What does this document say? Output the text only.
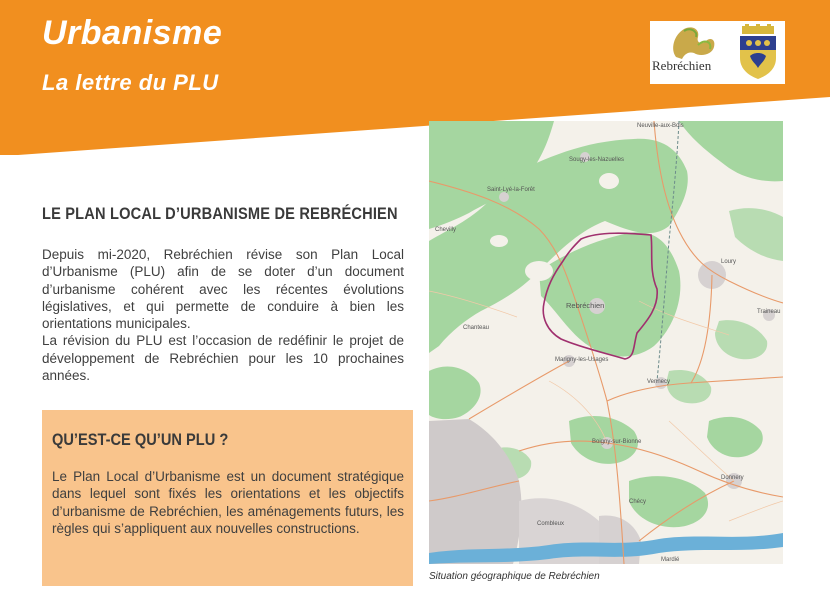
Urbanisme
La lettre du PLU
Rebréchien
LE PLAN LOCAL D’URBANISME DE REBRÉCHIEN

Depuis mi-2020, Rebréchien révise son Plan Local d’Urbanisme (PLU) afin de se doter d’un document d’urbanisme cohérent avec les récentes évolutions législatives, et qui permette de conduire à bien les orientations municipales.

La révision du PLU est l’occasion de redéfinir le projet de développement de Rebréchien pour les 10 prochaines années.

QU’EST-CE QU’UN PLU ?

Le Plan Local d’Urbanisme est un document stratégique dans lequel sont fixés les orientations et les objectifs d’urbanisme de Rebréchien, les aménagements futurs, les règles qui s’appliquent aux nouvelles constructions.

Neuville-aux-Bois
Sougy-les-Nazuelles
Saint-Lyé-la-Forêt
Chevilly
Loury
Rebréchien
Traineau
Chanteau
Marigny-les-Usages
Vennecy
Boigny-sur-Bionne
Donnery
Chécy
Combleux
Mardié
Situation géographique de Rebréchien
